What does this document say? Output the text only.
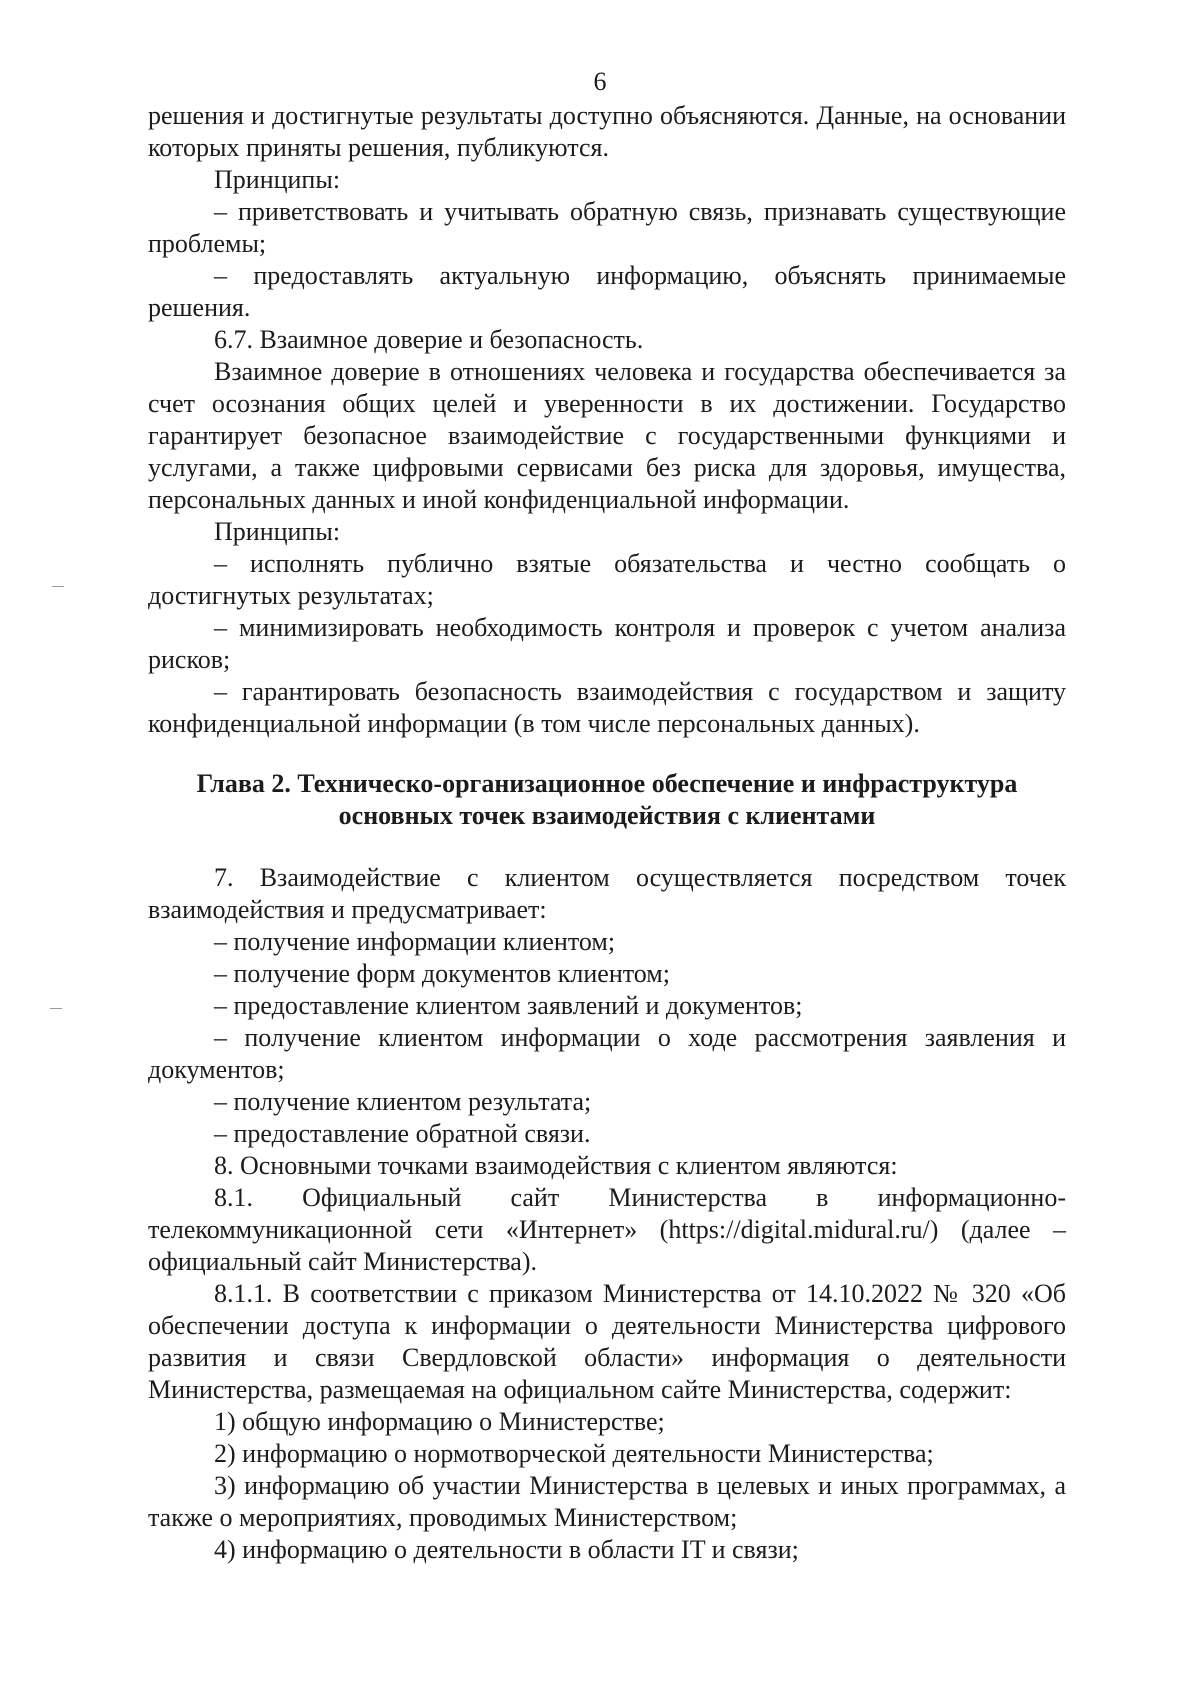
6

решения и достигнутые результаты доступно объясняются. Данные, на основании которых приняты решения, публикуются.

Принципы:

– приветствовать и учитывать обратную связь, признавать существующие проблемы;

– предоставлять актуальную информацию, объяснять принимаемые решения.

6.7. Взаимное доверие и безопасность.

Взаимное доверие в отношениях человека и государства обеспечивается за счет осознания общих целей и уверенности в их достижении. Государство гарантирует безопасное взаимодействие с государственными функциями и услугами, а также цифровыми сервисами без риска для здоровья, имущества, персональных данных и иной конфиденциальной информации.

Принципы:

– исполнять публично взятые обязательства и честно сообщать о достигнутых результатах;

– минимизировать необходимость контроля и проверок с учетом анализа рисков;

– гарантировать безопасность взаимодействия с государством и защиту конфиденциальной информации (в том числе персональных данных).

Глава 2. Техническо-организационное обеспечение и инфраструктура
основных точек взаимодействия с клиентами

7. Взаимодействие с клиентом осуществляется посредством точек взаимодействия и предусматривает:

– получение информации клиентом;

– получение форм документов клиентом;

– предоставление клиентом заявлений и документов;

– получение клиентом информации о ходе рассмотрения заявления и документов;

– получение клиентом результата;

– предоставление обратной связи.

8. Основными точками взаимодействия с клиентом являются:

8.1. Официальный сайт Министерства в информационно-телекоммуникационной сети «Интернет» (https://digital.midural.ru/) (далее – официальный сайт Министерства).

8.1.1. В соответствии с приказом Министерства от 14.10.2022 № 320 «Об обеспечении доступа к информации о деятельности Министерства цифрового развития и связи Свердловской области» информация о деятельности Министерства, размещаемая на официальном сайте Министерства, содержит:

1) общую информацию о Министерстве;

2) информацию о нормотворческой деятельности Министерства;

3) информацию об участии Министерства в целевых и иных программах, а также о мероприятиях, проводимых Министерством;

4) информацию о деятельности в области IT и связи;
